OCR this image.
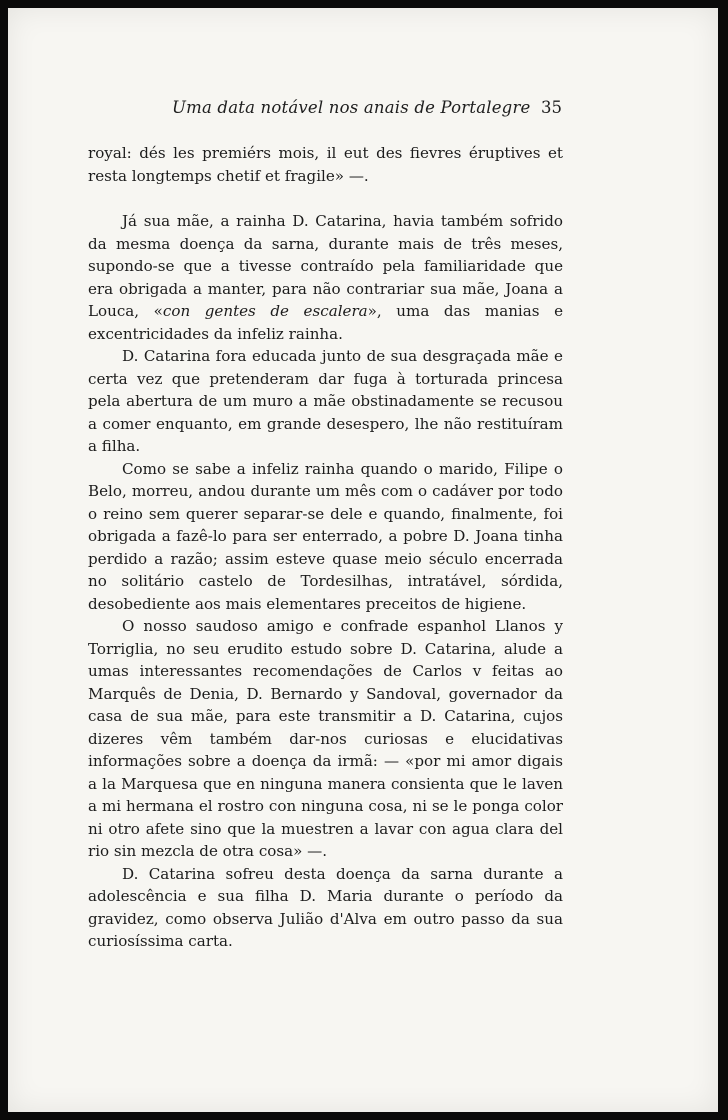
Uma data notável nos anais de Portalegre 35

royal: dés les premiérs mois, il eut des fievres éruptives et resta longtemps chetif et fragile» —.

Já sua mãe, a rainha D. Catarina, havia também sofrido da mesma doença da sarna, durante mais de três meses, supondo-se que a tivesse contraído pela familiaridade que era obrigada a manter, para não contrariar sua mãe, Joana a Louca, «con gentes de escalera», uma das manias e excentricidades da infeliz rainha.

D. Catarina fora educada junto de sua desgraçada mãe e certa vez que pretenderam dar fuga à torturada princesa pela abertura de um muro a mãe obstinadamente se recusou a comer enquanto, em grande desespero, lhe não restituíram a filha.

Como se sabe a infeliz rainha quando o marido, Filipe o Belo, morreu, andou durante um mês com o cadáver por todo o reino sem querer separar-se dele e quando, finalmente, foi obrigada a fazê-lo para ser enterrado, a pobre D. Joana tinha perdido a razão; assim esteve quase meio século encerrada no solitário castelo de Tordesilhas, intratável, sórdida, desobediente aos mais elementares preceitos de higiene.

O nosso saudoso amigo e confrade espanhol Llanos y Torriglia, no seu erudito estudo sobre D. Catarina, alude a umas interessantes recomendações de Carlos v feitas ao Marquês de Denia, D. Bernardo y Sandoval, governador da casa de sua mãe, para este transmitir a D. Catarina, cujos dizeres vêm também dar-nos curiosas e elucidativas informações sobre a doença da irmã: — «por mi amor digais a la Marquesa que en ninguna manera consienta que le laven a mi hermana el rostro con ninguna cosa, ni se le ponga color ni otro afete sino que la muestren a lavar con agua clara del rio sin mezcla de otra cosa» —.

D. Catarina sofreu desta doença da sarna durante a adolescência e sua filha D. Maria durante o período da gravidez, como observa Julião d'Alva em outro passo da sua curiosíssima carta.
